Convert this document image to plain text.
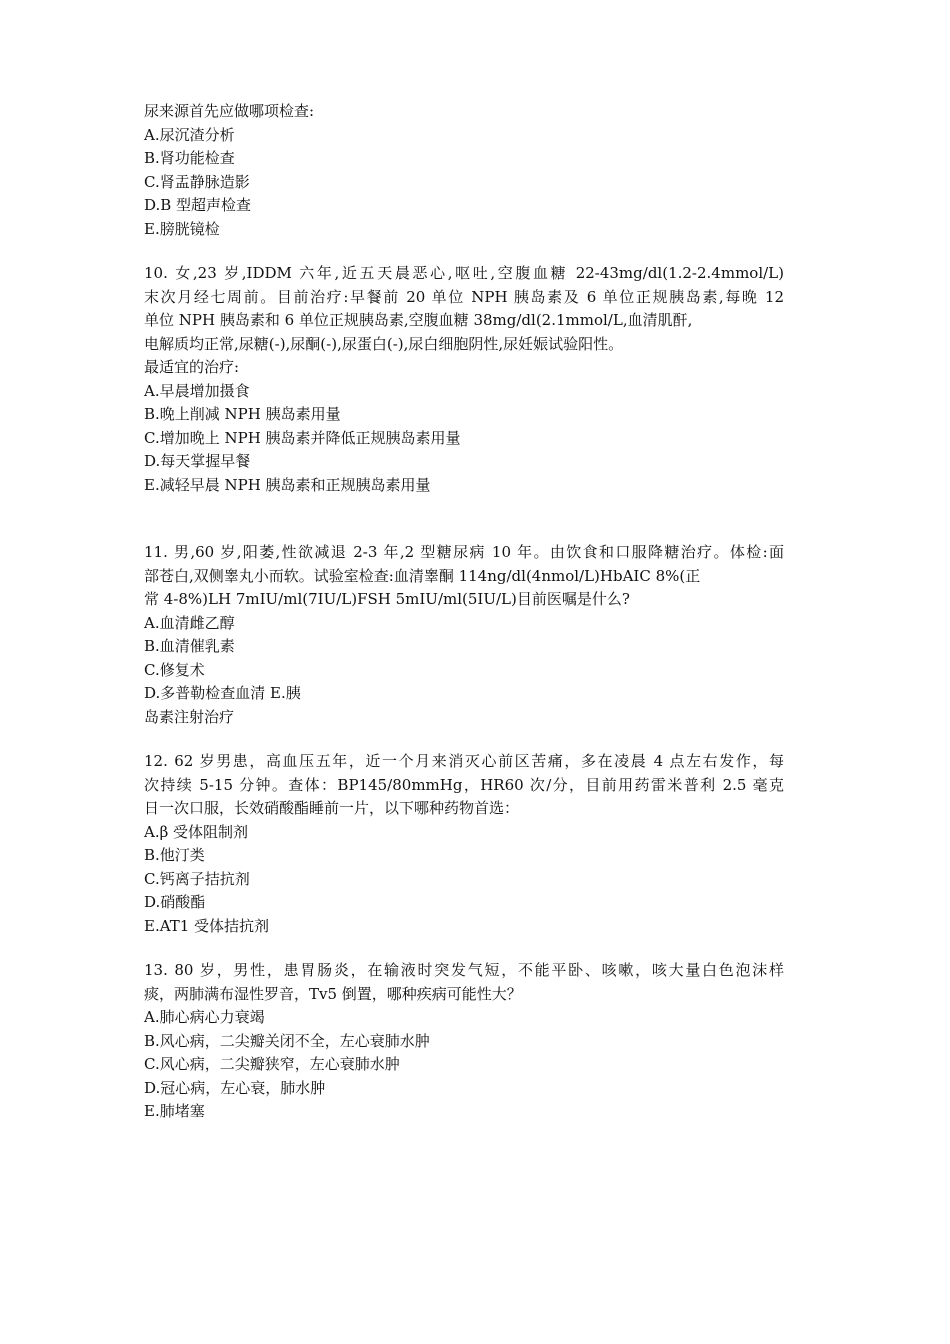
尿来源首先应做哪项检查:
A.尿沉渣分析
B.肾功能检查
C.肾盂静脉造影
D.B 型超声检查
E.膀胱镜检
10. 女,23 岁,IDDM 六年,近五天晨恶心,呕吐,空腹血糖 22-43mg/dl(1.2-2.4mmol/L)
末次月经七周前。目前治疗:早餐前 20 单位 NPH 胰岛素及 6 单位正规胰岛素,每晚 12
单位 NPH 胰岛素和 6 单位正规胰岛素,空腹血糖 38mg/dl(2.1mmol/L,血清肌酐,
电解质均正常,尿糖(-),尿酮(-),尿蛋白(-),尿白细胞阴性,尿妊娠试验阳性。
最适宜的治疗:
A.早晨增加摄食
B.晚上削减 NPH 胰岛素用量
C.增加晚上 NPH 胰岛素并降低正规胰岛素用量
D.每天掌握早餐
E.减轻早晨 NPH 胰岛素和正规胰岛素用量
11. 男,60 岁,阳萎,性欲减退 2-3 年,2 型糖尿病 10 年。由饮食和口服降糖治疗。体检:面
部苍白,双侧睾丸小而软。试验室检查:血清睾酮 114ng/dl(4nmol/L)HbAIC 8%(正
常 4-8%)LH 7mIU/ml(7IU/L)FSH 5mIU/ml(5IU/L)目前医嘱是什么?
A.血清雌乙醇
B.血清催乳素
C.修复术
D.多普勒检查血清 E.胰
岛素注射治疗
12. 62 岁男患，高血压五年，近一个月来消灭心前区苦痛，多在凌晨 4 点左右发作，每
次持续 5-15 分钟。查体：BP145/80mmHg，HR60 次/分，目前用药雷米普利 2.5 毫克
日一次口服，长效硝酸酯睡前一片，以下哪种药物首选：
A.β 受体阻制剂
B.他汀类
C.钙离子拮抗剂
D.硝酸酯
E.AT1 受体拮抗剂
13. 80 岁，男性，患胃肠炎，在输液时突发气短，不能平卧、咳嗽，咳大量白色泡沫样
痰，两肺满布湿性罗音，Tv5 倒置，哪种疾病可能性大？
A.肺心病心力衰竭
B.风心病，二尖瓣关闭不全，左心衰肺水肿
C.风心病，二尖瓣狭窄，左心衰肺水肿
D.冠心病，左心衰，肺水肿
E.肺堵塞
